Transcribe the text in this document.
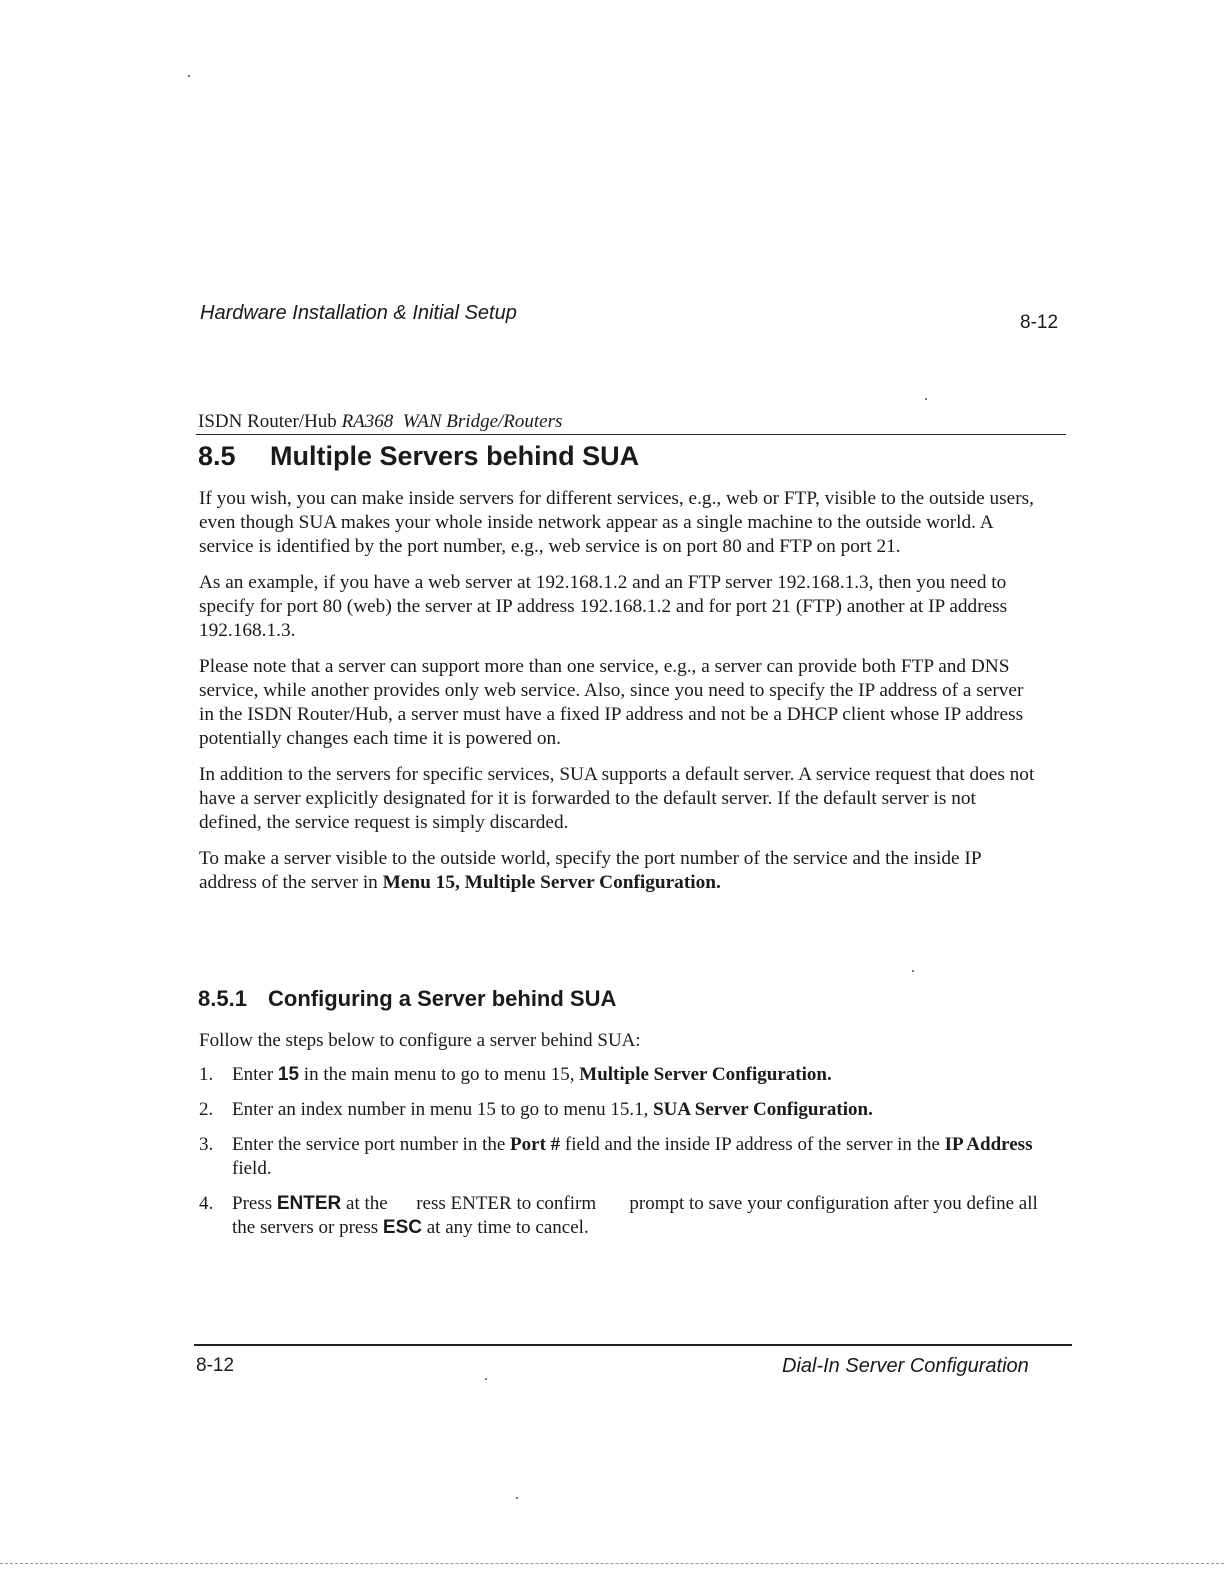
Hardware Installation & Initial Setup	8-12
ISDN Router/Hub RA368 WAN Bridge/Routers
8.5 Multiple Servers behind SUA

If you wish, you can make inside servers for different services, e.g., web or FTP, visible to the outside users, even though SUA makes your whole inside network appear as a single machine to the outside world. A service is identified by the port number, e.g., web service is on port 80 and FTP on port 21.

As an example, if you have a web server at 192.168.1.2 and an FTP server 192.168.1.3, then you need to specify for port 80 (web) the server at IP address 192.168.1.2 and for port 21 (FTP) another at IP address 192.168.1.3.

Please note that a server can support more than one service, e.g., a server can provide both FTP and DNS service, while another provides only web service. Also, since you need to specify the IP address of a server in the ISDN Router/Hub, a server must have a fixed IP address and not be a DHCP client whose IP address potentially changes each time it is powered on.

In addition to the servers for specific services, SUA supports a default server. A service request that does not have a server explicitly designated for it is forwarded to the default server. If the default server is not defined, the service request is simply discarded.

To make a server visible to the outside world, specify the port number of the service and the inside IP address of the server in Menu 15, Multiple Server Configuration.

8.5.1 Configuring a Server behind SUA
Follow the steps below to configure a server behind SUA:
1. Enter 15 in the main menu to go to menu 15, Multiple Server Configuration.
2. Enter an index number in menu 15 to go to menu 15.1, SUA Server Configuration.
3. Enter the service port number in the Port # field and the inside IP address of the server in the IP Address field.
4. Press ENTER at the      ress ENTER to confirm       prompt to save your configuration after you define all the servers or press ESC at any time to cancel.
8-12	Dial-In Server Configuration
